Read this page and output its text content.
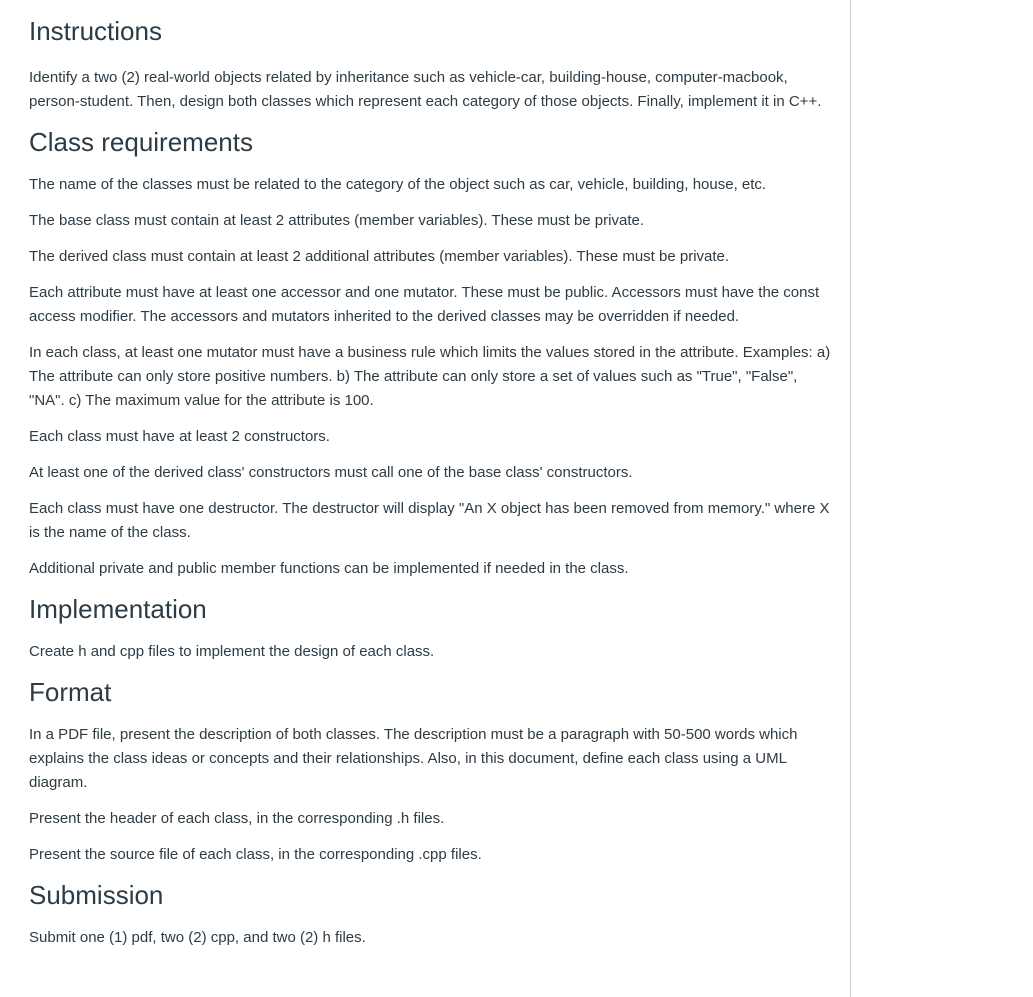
Instructions

Identify a two (2) real-world objects related by inheritance such as vehicle-car, building-house, computer-macbook, person-student. Then, design both classes which represent each category of those objects. Finally, implement it in C++.

Class requirements

The name of the classes must be related to the category of the object such as car, vehicle, building, house, etc.

The base class must contain at least 2 attributes (member variables). These must be private.

The derived class must contain at least 2 additional attributes (member variables). These must be private.

Each attribute must have at least one accessor and one mutator. These must be public. Accessors must have the const access modifier. The accessors and mutators inherited to the derived classes may be overridden if needed.

In each class, at least one mutator must have a business rule which limits the values stored in the attribute. Examples: a) The attribute can only store positive numbers. b) The attribute can only store a set of values such as "True", "False", "NA". c) The maximum value for the attribute is 100.

Each class must have at least 2 constructors.

At least one of the derived class' constructors must call one of the base class' constructors.

Each class must have one destructor. The destructor will display "An X object has been removed from memory." where X is the name of the class.

Additional private and public member functions can be implemented if needed in the class.

Implementation

Create h and cpp files to implement the design of each class.

Format

In a PDF file, present the description of both classes. The description must be a paragraph with 50-500 words which explains the class ideas or concepts and their relationships. Also, in this document, define each class using a UML diagram.

Present the header of each class, in the corresponding .h files.

Present the source file of each class, in the corresponding .cpp files.

Submission

Submit one (1) pdf, two (2) cpp, and two (2) h files.
